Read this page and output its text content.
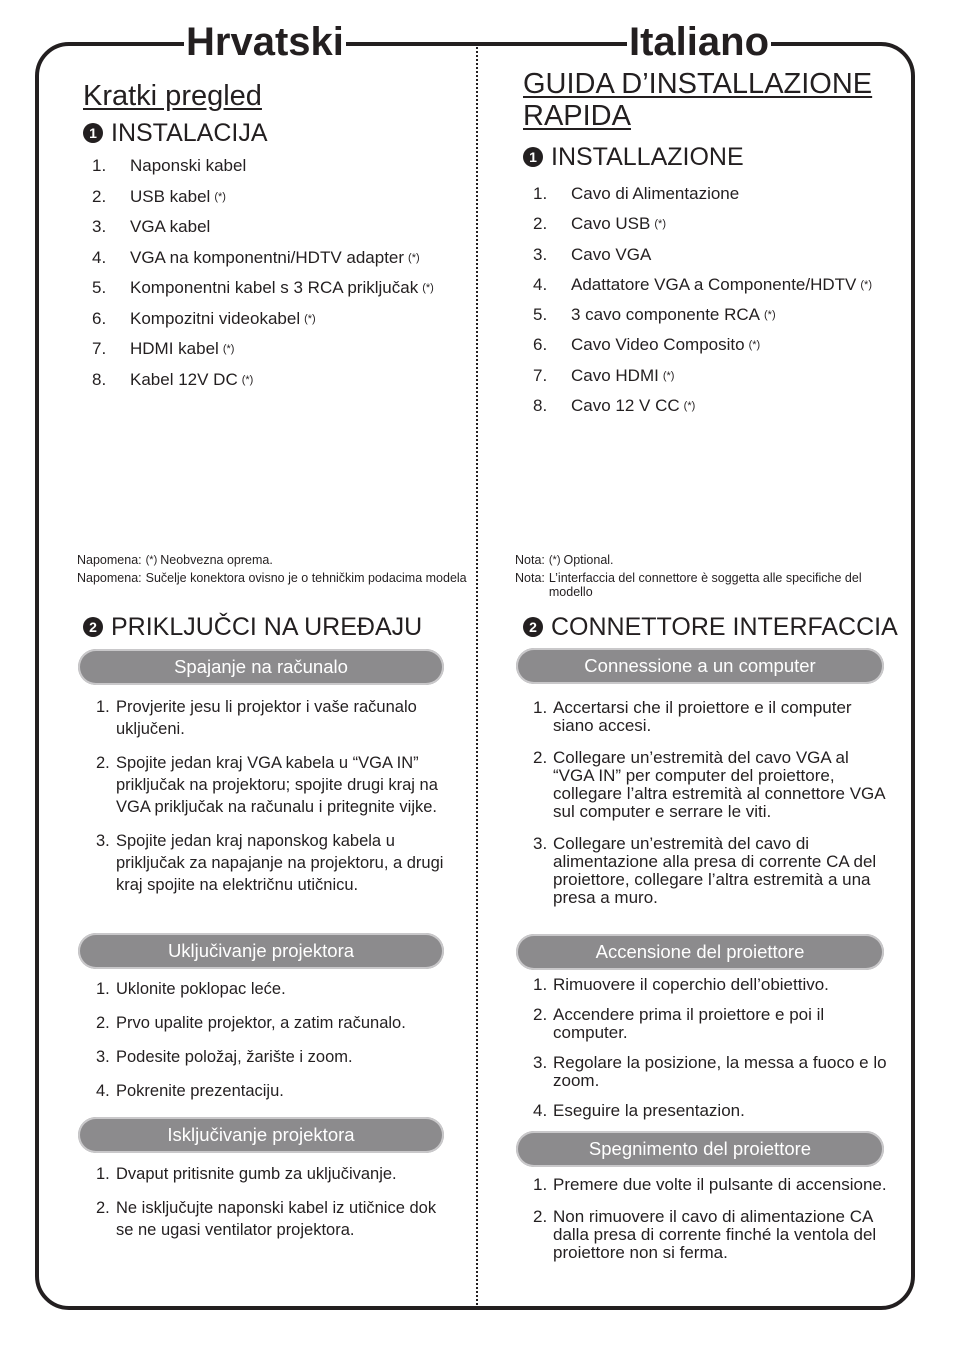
Hrvatski	Italiano
Kratki pregled
1 INSTALACIJA
1.	Naponski kabel
2.	USB kabel (*)
3.	VGA kabel
4.	VGA na komponentni/HDTV adapter (*)
5.	Komponentni kabel s 3 RCA priključak (*)
6.	Kompozitni videokabel (*)
7.	HDMI kabel (*)
8.	Kabel 12V DC (*)
Napomena: (*) Neobvezna oprema.
Napomena: Sučelje konektora ovisno je o tehničkim podacima modela
2 PRIKLJUČCI NA UREĐAJU
Spajanje na računalo
1. Provjerite jesu li projektor i vaše računalo uključeni.
2. Spojite jedan kraj VGA kabela u “VGA IN” priključak na projektoru; spojite drugi kraj na VGA priključak na računalu i pritegnite vijke.
3. Spojite jedan kraj naponskog kabela u priključak za napajanje na projektoru, a drugi kraj spojite na električnu utičnicu.
Uključivanje projektora
1. Uklonite poklopac leće.
2. Prvo upalite projektor, a zatim računalo.
3. Podesite položaj, žarište i zoom.
4. Pokrenite prezentaciju.
Isključivanje projektora
1. Dvaput pritisnite gumb za uključivanje.
2. Ne isključujte naponski kabel iz utičnice dok se ne ugasi ventilator projektora.
GUIDA D’INSTALLAZIONE RAPIDA
1 INSTALLAZIONE
1.	Cavo di Alimentazione
2.	Cavo USB (*)
3.	Cavo VGA
4.	Adattatore VGA a Componente/HDTV (*)
5.	3 cavo componente RCA (*)
6.	Cavo Video Composito (*)
7.	Cavo HDMI (*)
8.	Cavo 12 V CC (*)
Nota: (*) Optional.
Nota: L’interfaccia del connettore è soggetta alle specifiche del modello
2 CONNETTORE INTERFACCIA
Connessione a un computer
1. Accertarsi che il proiettore e il computer siano accesi.
2. Collegare un’estremità del cavo VGA al “VGA IN” per computer del proiettore, collegare l’altra estremità al connettore VGA sul computer e serrare le viti.
3. Collegare un’estremità del cavo di alimentazione alla presa di corrente CA del proiettore, collegare l’altra estremità a una presa a muro.
Accensione del proiettore
1. Rimuovere il coperchio dell’obiettivo.
2. Accendere prima il proiettore e poi il computer.
3. Regolare la posizione, la messa a fuoco e lo zoom.
4. Eseguire la presentazion.
Spegnimento del proiettore
1. Premere due volte il pulsante di accensione.
2. Non rimuovere il cavo di alimentazione CA dalla presa di corrente finché la ventola del proiettore non si ferma.
